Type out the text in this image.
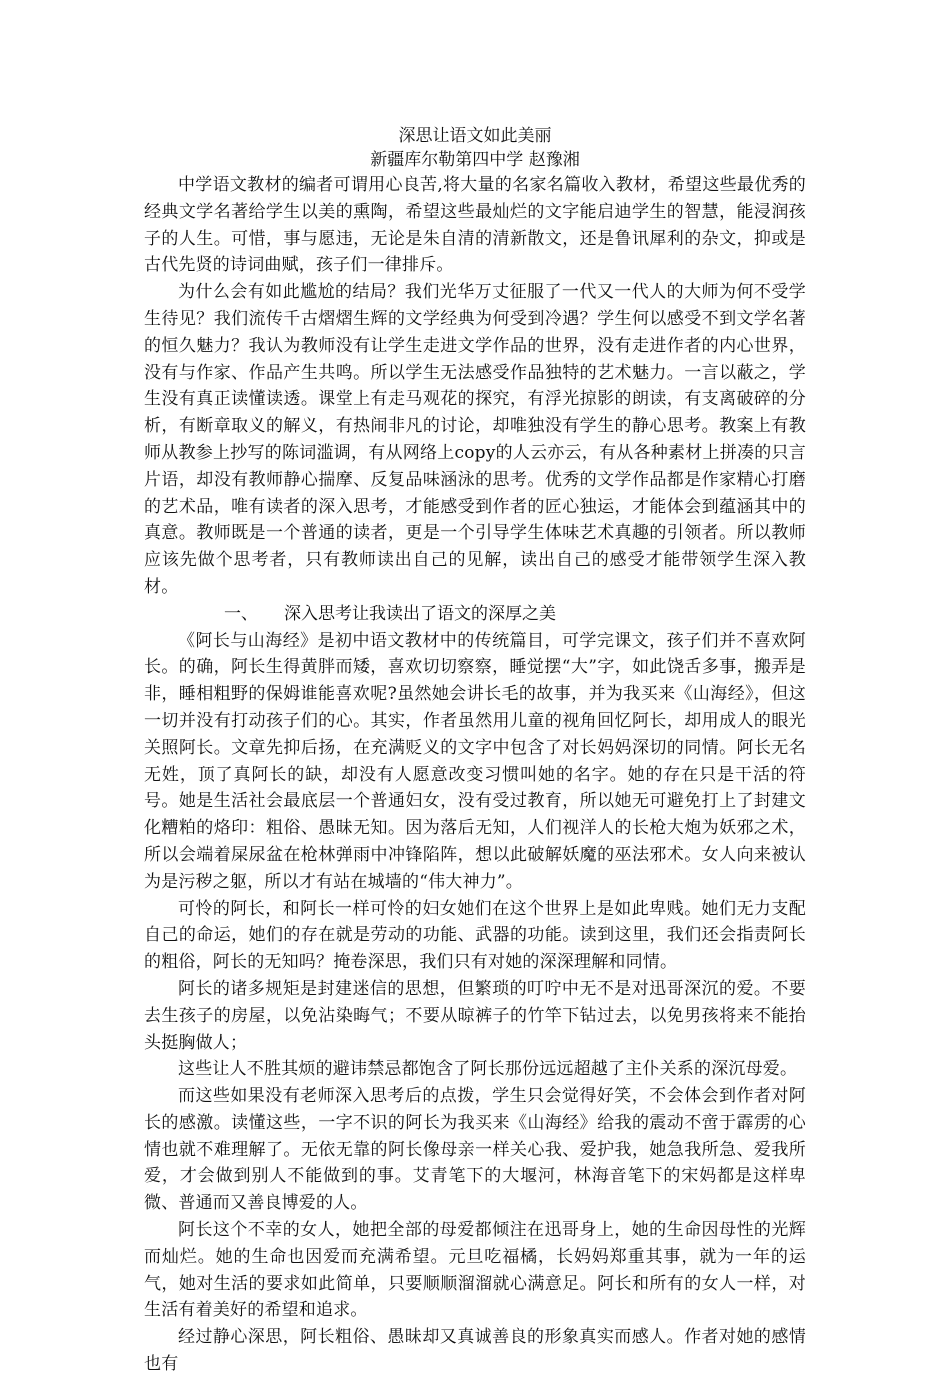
深思让语文如此美丽

新疆库尔勒第四中学 赵豫湘

中学语文教材的编者可谓用心良苦,将大量的名家名篇收入教材，希望这些最优秀的经典文学名著给学生以美的熏陶，希望这些最灿烂的文字能启迪学生的智慧，能浸润孩子的人生。可惜，事与愿违，无论是朱自清的清新散文，还是鲁讯犀利的杂文，抑或是古代先贤的诗词曲赋，孩子们一律排斥。

为什么会有如此尴尬的结局？我们光华万丈征服了一代又一代人的大师为何不受学生待见？我们流传千古熠熠生辉的文学经典为何受到冷遇？学生何以感受不到文学名著的恒久魅力？我认为教师没有让学生走进文学作品的世界，没有走进作者的内心世界，没有与作家、作品产生共鸣。所以学生无法感受作品独特的艺术魅力。一言以蔽之，学生没有真正读懂读透。课堂上有走马观花的探究，有浮光掠影的朗读，有支离破碎的分析，有断章取义的解义，有热闹非凡的讨论，却唯独没有学生的静心思考。教案上有教师从教参上抄写的陈词滥调，有从网络上copy的人云亦云，有从各种素材上拼凑的只言片语，却没有教师静心揣摩、反复品味涵泳的思考。优秀的文学作品都是作家精心打磨的艺术品，唯有读者的深入思考，才能感受到作者的匠心独运，才能体会到蕴涵其中的真意。教师既是一个普通的读者，更是一个引导学生体味艺术真趣的引领者。所以教师应该先做个思考者，只有教师读出自己的见解，读出自己的感受才能带领学生深入教材。

一、 深入思考让我读出了语文的深厚之美

《阿长与山海经》是初中语文教材中的传统篇目，可学完课文，孩子们并不喜欢阿长。的确，阿长生得黄胖而矮，喜欢切切察察，睡觉摆“大”字，如此饶舌多事，搬弄是非，睡相粗野的保姆谁能喜欢呢?虽然她会讲长毛的故事，并为我买来《山海经》，但这一切并没有打动孩子们的心。其实，作者虽然用儿童的视角回忆阿长，却用成人的眼光关照阿长。文章先抑后扬，在充满贬义的文字中包含了对长妈妈深切的同情。阿长无名无姓，顶了真阿长的缺，却没有人愿意改变习惯叫她的名字。她的存在只是干活的符号。她是生活社会最底层一个普通妇女，没有受过教育，所以她无可避免打上了封建文化糟粕的烙印：粗俗、愚昧无知。因为落后无知，人们视洋人的长枪大炮为妖邪之术，所以会端着屎尿盆在枪林弹雨中冲锋陷阵，想以此破解妖魔的巫法邪术。女人向来被认为是污秽之躯，所以才有站在城墙的“伟大神力”。

可怜的阿长，和阿长一样可怜的妇女她们在这个世界上是如此卑贱。她们无力支配自己的命运，她们的存在就是劳动的功能、武器的功能。读到这里，我们还会指责阿长的粗俗，阿长的无知吗？掩卷深思，我们只有对她的深深理解和同情。

阿长的诸多规矩是封建迷信的思想，但繁琐的叮咛中无不是对迅哥深沉的爱。不要去生孩子的房屋，以免沾染晦气；不要从晾裤子的竹竿下钻过去，以免男孩将来不能抬头挺胸做人；

这些让人不胜其烦的避讳禁忌都饱含了阿长那份远远超越了主仆关系的深沉母爱。

而这些如果没有老师深入思考后的点拨，学生只会觉得好笑，不会体会到作者对阿长的感激。读懂这些，一字不识的阿长为我买来《山海经》给我的震动不啻于霹雳的心情也就不难理解了。无依无靠的阿长像母亲一样关心我、爱护我，她急我所急、爱我所爱，才会做到别人不能做到的事。艾青笔下的大堰河，林海音笔下的宋妈都是这样卑微、普通而又善良博爱的人。

阿长这个不幸的女人，她把全部的母爱都倾注在迅哥身上，她的生命因母性的光辉而灿烂。她的生命也因爱而充满希望。元旦吃福橘，长妈妈郑重其事，就为一年的运气，她对生活的要求如此简单，只要顺顺溜溜就心满意足。阿长和所有的女人一样，对生活有着美好的希望和追求。

经过静心深思，阿长粗俗、愚昧却又真诚善良的形象真实而感人。作者对她的感情也有
